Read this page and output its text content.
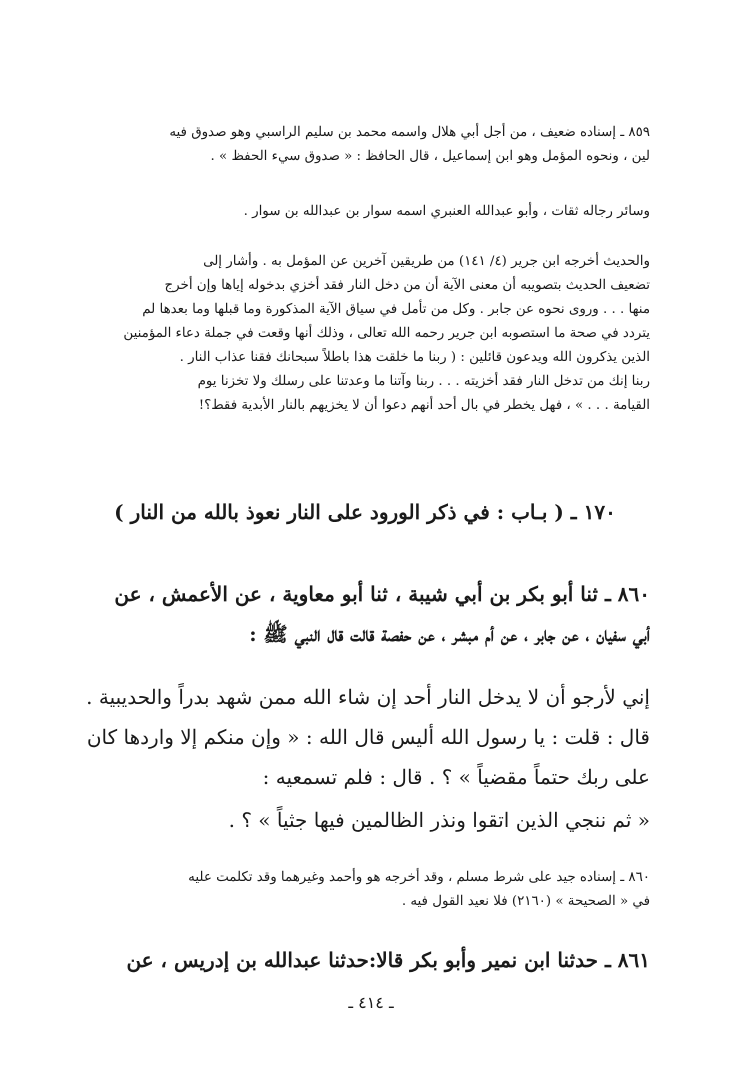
٨٥٩ ـ إسناده ضعيف ، من أجل أبي هلال واسمه محمد بن سليم الراسبي وهو صدوق فيه
لين ، ونحوه المؤمل وهو ابن إسماعيل ، قال الحافظ : « صدوق سيء الحفظ » .
وسائر رجاله ثقات ، وأبو عبدالله العنبري اسمه سوار بن عبدالله بن سوار .
والحديث أخرجه ابن جرير (٤/ ١٤١) من طريقين آخرين عن المؤمل به . وأشار إلى
تضعيف الحديث بتصويبه أن معنى الآية أن من دخل النار فقد أخزي بدخوله إياها وإن أخرج
منها . . . وروى نحوه عن جابر . وكل من تأمل في سياق الآية المذكورة وما قبلها وما بعدها لم
يتردد في صحة ما استصوبه ابن جرير رحمه الله تعالى ، وذلك أنها وقعت في جملة دعاء المؤمنين
الذين يذكرون الله ويدعون قائلين : ( ربنا ما خلقت هذا باطلاً سبحانك فقنا عذاب النار .
ربنا إنك من تدخل النار فقد أخزيته . . . ربنا وآتنا ما وعدتنا على رسلك ولا تخزنا يوم
القيامة . . . » ، فهل يخطر في بال أحد أنهم دعوا أن لا يخزيهم بالنار الأبدية فقط؟!
١٧٠ ـ ( بـاب : في ذكر الورود على النار نعوذ بالله من النار )
٨٦٠ ـ ثنا أبو بكر بن أبي شيبة ، ثنا أبو معاوية ، عن الأعمش ، عن
أبي سفيان ، عن جابر ، عن أم مبشر ، عن حفصة قالت قال النبي ﷺ :
إني لأرجو أن لا يدخل النار أحد إن شاء الله ممن شهد بدراً والحديبية .
قال : قلت : يا رسول الله أليس قال الله : « وإن منكم إلا واردها كان
على ربك حتماً مقضياً » ؟ . قال : فلم تسمعيه :
« ثم ننجي الذين اتقوا ونذر الظالمين فيها جثياً » ؟ .
٨٦٠ ـ إسناده جيد على شرط مسلم ، وقد أخرجه هو وأحمد وغيرهما وقد تكلمت عليه
في « الصحيحة » (٢١٦٠) فلا نعيد القول فيه .
٨٦١ ـ حدثنا ابن نمير وأبو بكر قالا:حدثنا عبدالله بن إدريس ، عن
ـ ٤١٤ ـ
